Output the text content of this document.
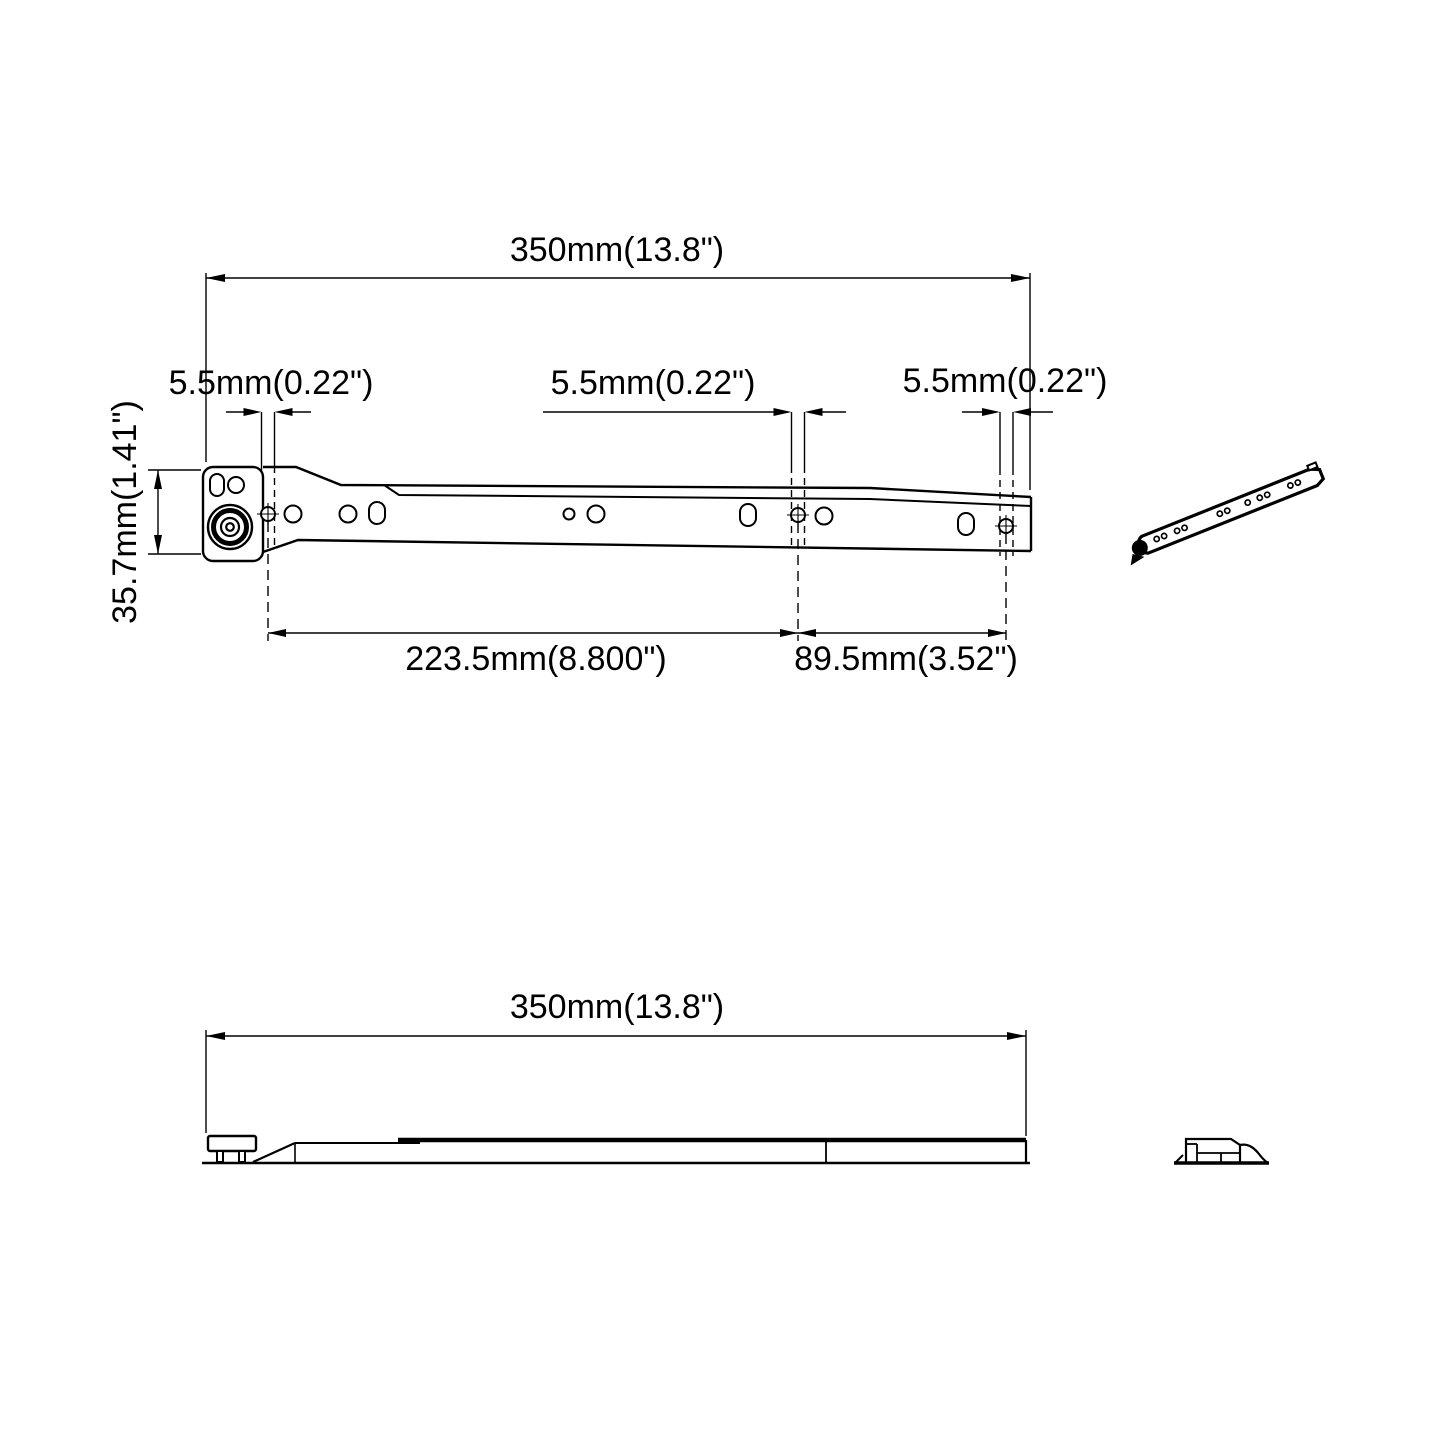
350mm(13.8")
35.7mm(1.41")
5.5mm(0.22")	5.5mm(0.22")	5.5mm(0.22")
223.5mm(8.800")	89.5mm(3.52")
350mm(13.8")
